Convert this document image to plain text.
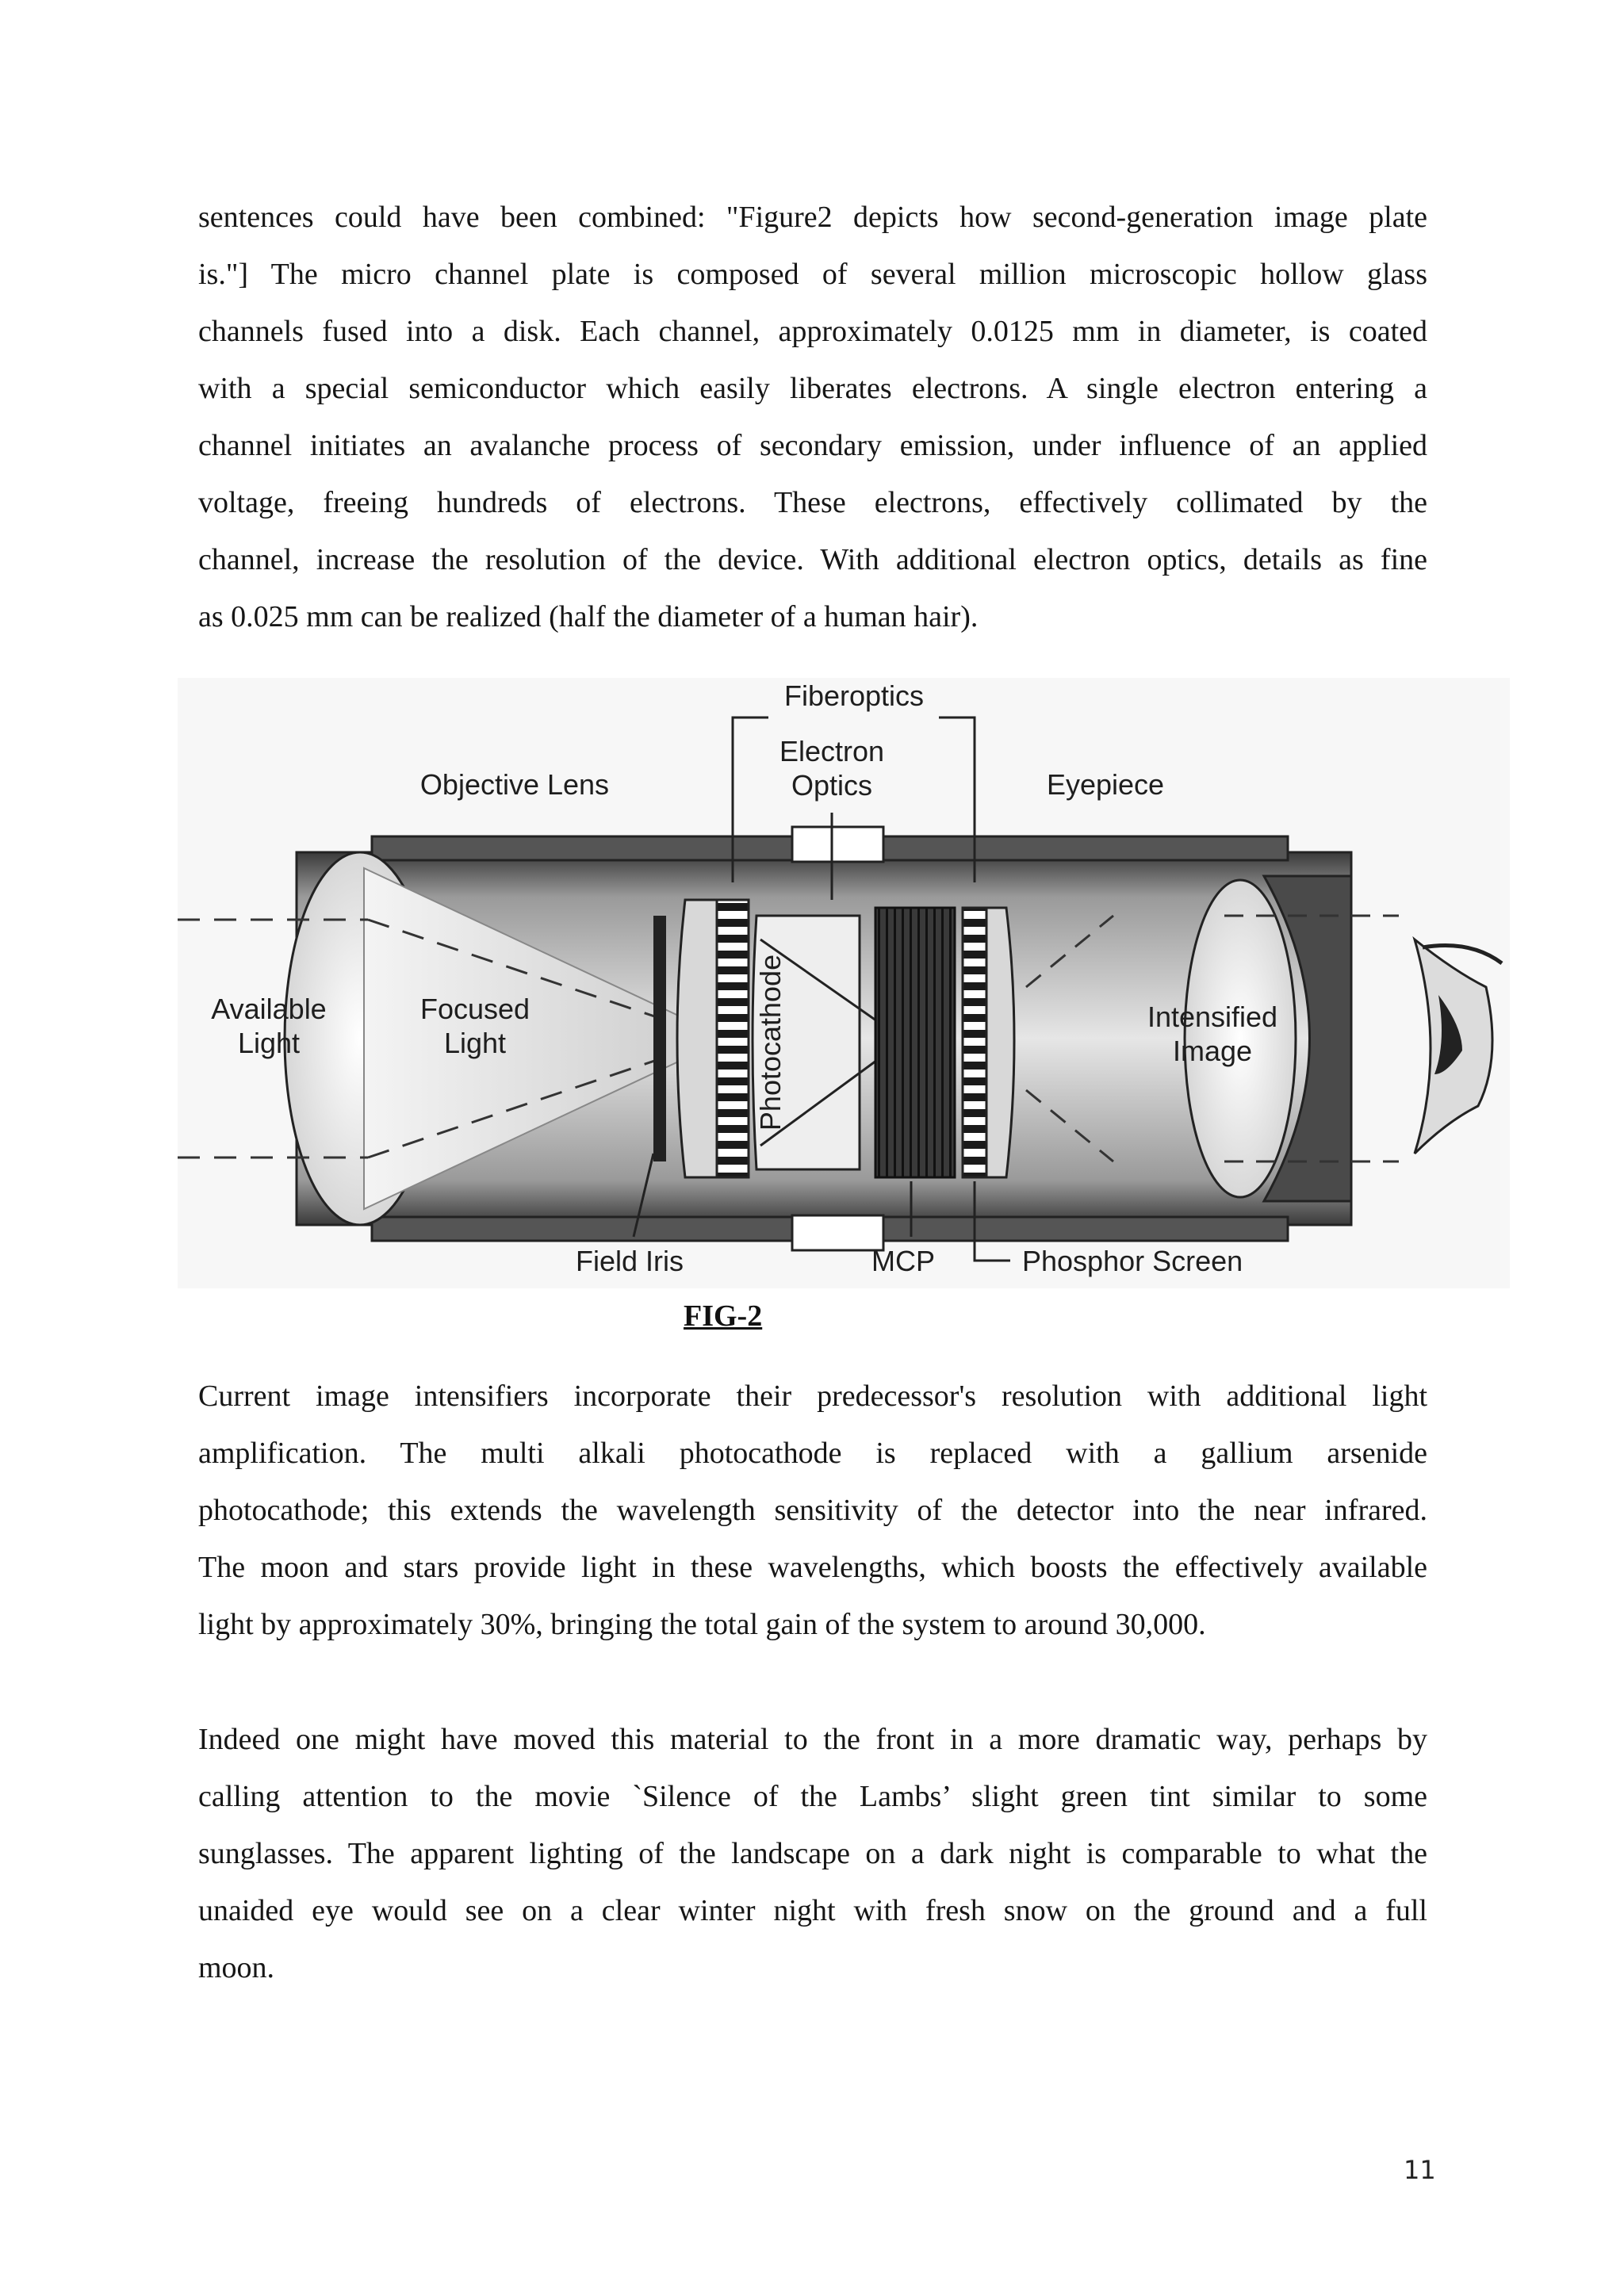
sentences could have been combined: "Figure2 depicts how second-generation image plate
is."] The micro channel plate is composed of several million microscopic hollow glass
channels fused into a disk. Each channel, approximately 0.0125 mm in diameter, is coated
with a special semiconductor which easily liberates electrons. A single electron entering a
channel initiates an avalanche process of secondary emission, under influence of an applied
voltage, freeing hundreds of electrons. These electrons, effectively collimated by the
channel, increase the resolution of the device. With additional electron optics, details as fine
as 0.025 mm can be realized (half the diameter of a human hair).
Fiberoptics
Electron
Optics
Objective Lens	Eyepiece
Available
Light
Focused
Light	Photocathode	Intensified
Image
Field Iris	MCP	Phosphor Screen
FIG-2
Current image intensifiers incorporate their predecessor's resolution with additional light
amplification. The multi alkali photocathode is replaced with a gallium arsenide
photocathode; this extends the wavelength sensitivity of the detector into the near infrared.
The moon and stars provide light in these wavelengths, which boosts the effectively available
light by approximately 30%, bringing the total gain of the system to around 30,000.
Indeed one might have moved this material to the front in a more dramatic way, perhaps by
calling attention to the movie `Silence of the Lambs’ slight green tint similar to some
sunglasses. The apparent lighting of the landscape on a dark night is comparable to what the
unaided eye would see on a clear winter night with fresh snow on the ground and a full
moon.
11
